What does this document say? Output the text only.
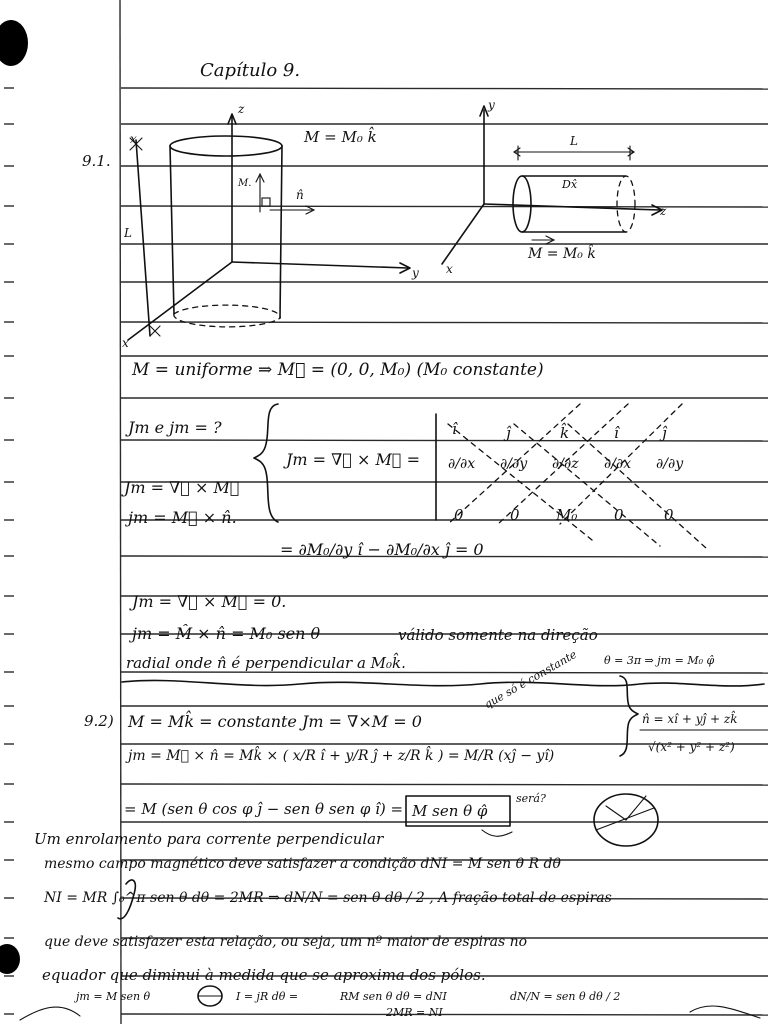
Capítulo 9.
9.1.
z
x
L
M.
n̂
M = M₀ k̂
y
x
y
L
Dx̂
z
x
M = M₀ k̂
M = uniforme ⇒ M⃗ = (0, 0, M₀) (M₀ constante)
Jm e jm = ?
Jm = ∇⃗ × M⃗
jm = M⃗ × n̂.
Jm = ∇⃗ × M⃗ =
î	ĵ	k̂	î	ĵ
∂/∂x ∂/∂y ∂/∂z ∂/∂x ∂/∂y
0	0 M₀ 0	0
= ∂M₀/∂y î − ∂M₀/∂x ĵ = 0
Jm = ∇⃗ × M⃗ = 0.
jm = M̂ × n̂ = M₀ sen θ	válido somente na direção
radial onde n̂ é perpendicular a M₀k̂.	θ = 3π ⇒ jm = M₀ φ̂
9.2) M = Mk̂ = constante Jm = ∇×M = 0
que só é constante
jm = M⃗ × n̂ = Mk̂ × ( x/R î + y/R ĵ + z/R k̂ ) = M/R (xĵ − yî)
n̂ = xî + yĵ + zk̂
√(x² + y² + z²)
= M (sen θ cos φ ĵ − sen θ sen φ î) = M sen θ φ̂
será?
Um enrolamento para corrente perpendicular
mesmo campo magnético deve satisfazer a condição dNI = M sen θ R dθ
NI = MR ∫₀^π sen θ dθ = 2MR ⇒ dN/N = sen θ dθ / 2 , A fração total de espiras
que deve satisfazer esta relação, ou seja, um nº maior de espiras no
equador que diminui à medida que se aproxima dos pólos.
jm = M sen θ	I = jR dθ =	RM sen θ dθ = dNI	dN/N = sen θ dθ / 2
2MR = NI
